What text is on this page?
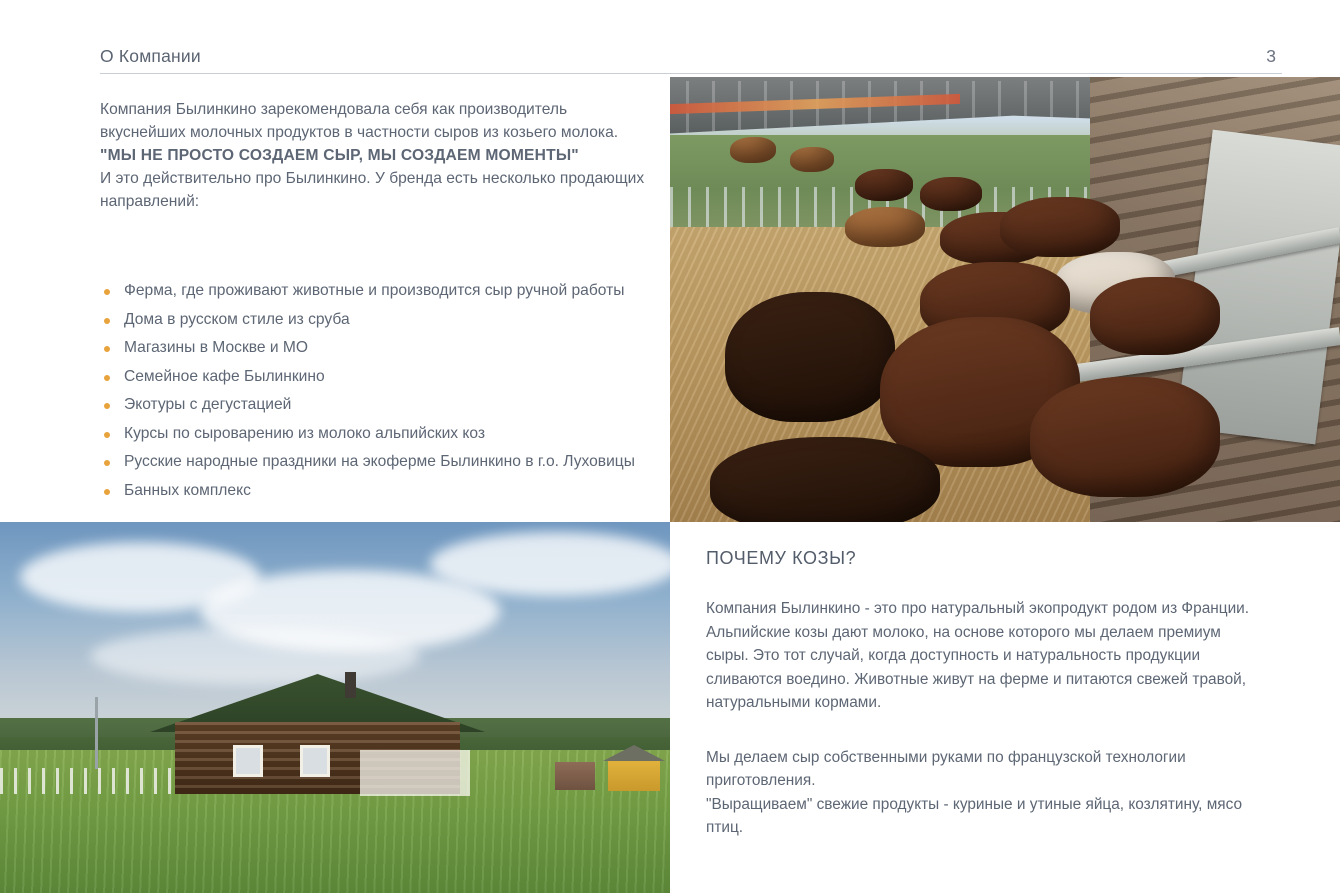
О Компании	3

Компания Былинкино зарекомендовала себя как производитель вкуснейших молочных продуктов в частности сыров из козьего молока.

"МЫ НЕ ПРОСТО СОЗДАЕМ СЫР, МЫ СОЗДАЕМ МОМЕНТЫ"

И это действительно про Былинкино. У бренда есть несколько продающих направлений:

Ферма, где проживают животные и производится сыр ручной работы
Дома в русском стиле из сруба
Магазины в Москве и МО
Семейное кафе Былинкино
Экотуры с дегустацией
Курсы по сыроварению из молоко альпийских коз
Русские народные праздники на экоферме Былинкино в г.о. Луховицы
Банных комплекс
ПОЧЕМУ КОЗЫ?

Компания Былинкино - это про натуральный экопродукт родом из Франции. Альпийские козы дают молоко, на основе которого мы делаем премиум сыры. Это тот случай, когда доступность и натуральность продукции сливаются воедино. Животные живут на ферме и питаются свежей травой, натуральными кормами.

Мы делаем сыр собственными руками по французской технологии приготовления.

"Выращиваем" свежие продукты - куриные и утиные яйца, козлятину, мясо птиц.
